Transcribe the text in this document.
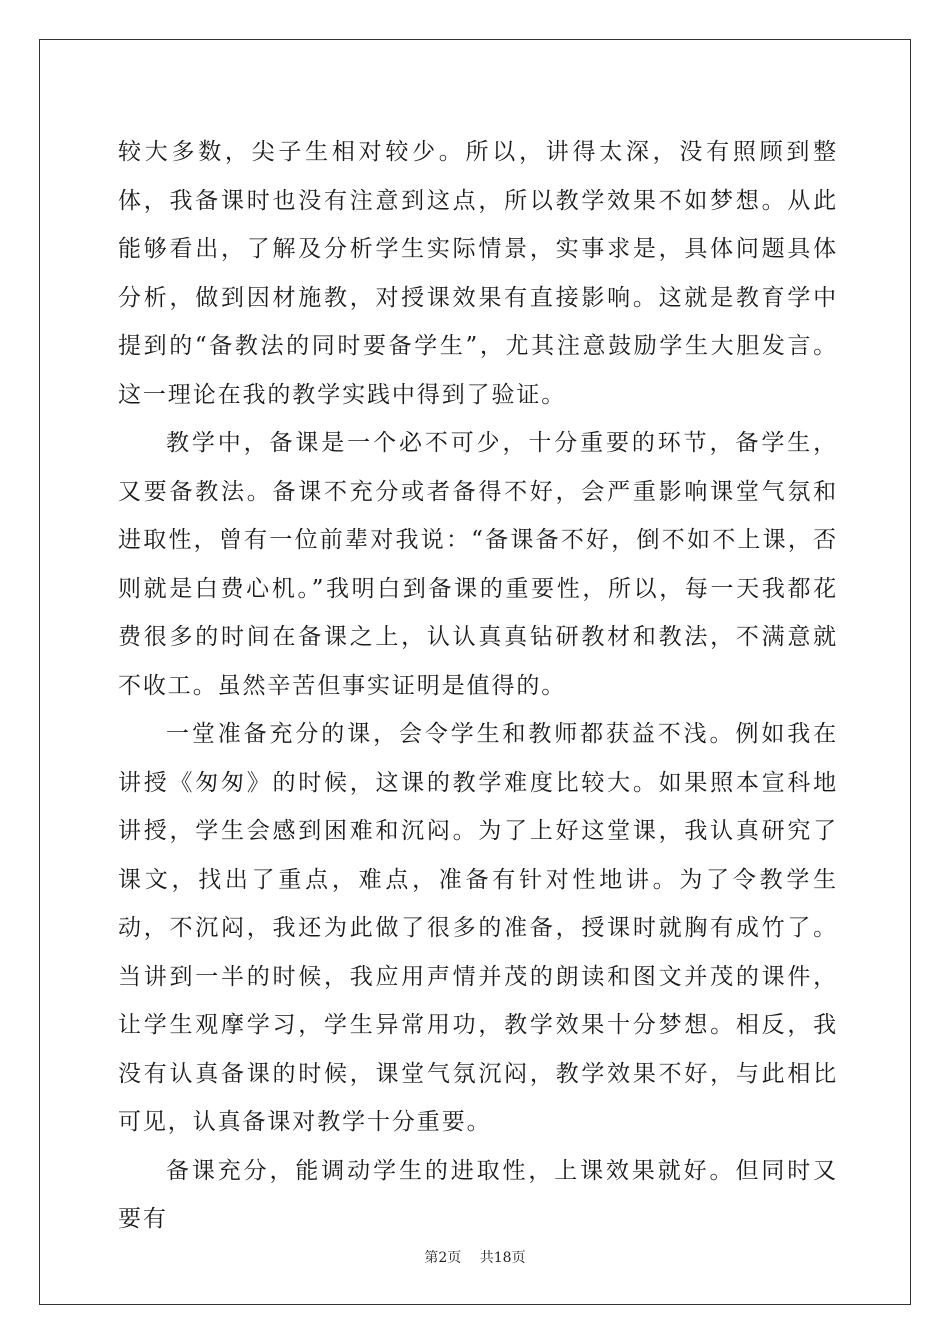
较大多数，尖子生相对较少。所以，讲得太深，没有照顾到整体，我备课时也没有注意到这点，所以教学效果不如梦想。从此能够看出，了解及分析学生实际情景，实事求是，具体问题具体分析，做到因材施教，对授课效果有直接影响。这就是教育学中提到的“备教法的同时要备学生”，尤其注意鼓励学生大胆发言。这一理论在我的教学实践中得到了验证。

教学中，备课是一个必不可少，十分重要的环节，备学生，又要备教法。备课不充分或者备得不好，会严重影响课堂气氛和进取性，曾有一位前辈对我说：“备课备不好，倒不如不上课，否则就是白费心机。”我明白到备课的重要性，所以，每一天我都花费很多的时间在备课之上，认认真真钻研教材和教法，不满意就不收工。虽然辛苦但事实证明是值得的。

一堂准备充分的课，会令学生和教师都获益不浅。例如我在讲授《匆匆》的时候，这课的教学难度比较大。如果照本宣科地讲授，学生会感到困难和沉闷。为了上好这堂课，我认真研究了课文，找出了重点，难点，准备有针对性地讲。为了令教学生动，不沉闷，我还为此做了很多的准备，授课时就胸有成竹了。当讲到一半的时候，我应用声情并茂的朗读和图文并茂的课件，让学生观摩学习，学生异常用功，教学效果十分梦想。相反，我没有认真备课的时候，课堂气氛沉闷，教学效果不好，与此相比可见，认真备课对教学十分重要。

备课充分，能调动学生的进取性，上课效果就好。但同时又要有

第2页 共18页
